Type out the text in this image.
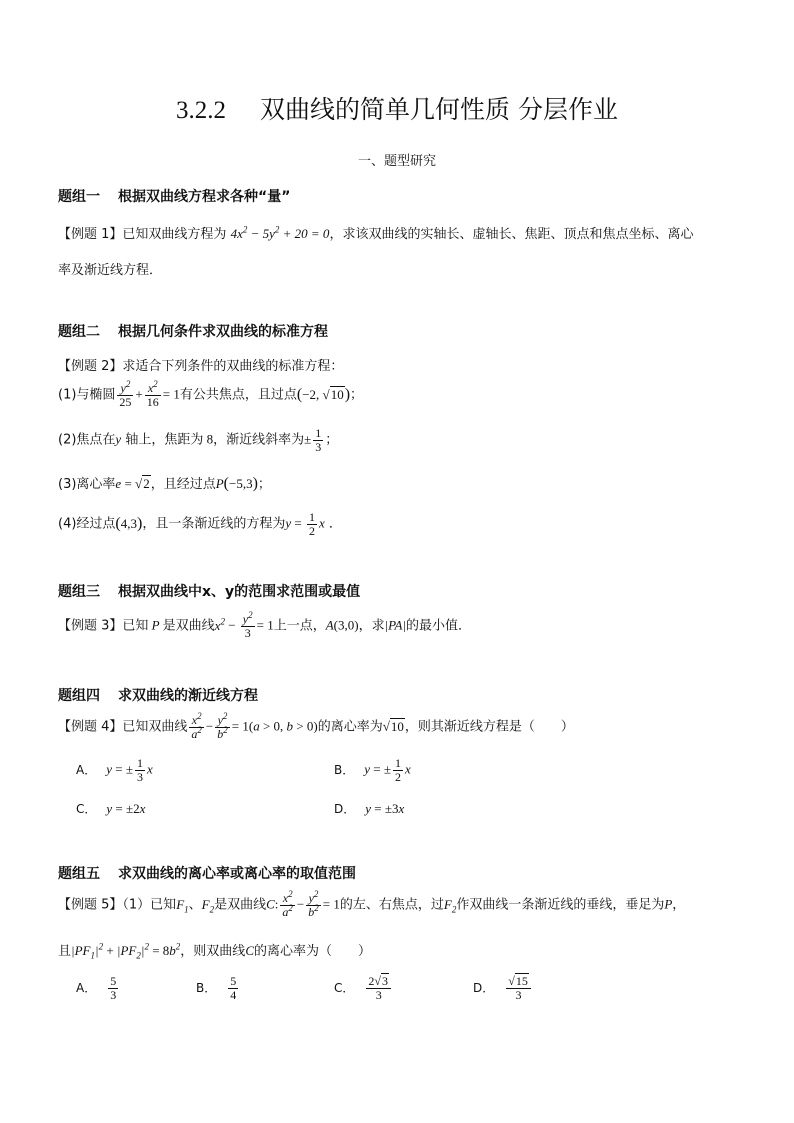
3.2.2 双曲线的简单几何性质 分层作业
一、题型研究
题组一 根据双曲线方程求各种“量”
【例题 1】已知双曲线方程为 $4x^2 - 5y^2 + 20 = 0$，求该双曲线的实轴长、虚轴长、焦距、顶点和焦点坐标、离心
率及渐近线方程．
题组二 根据几何条件求双曲线的标准方程
【例题 2】求适合下列条件的双曲线的标准方程：
(1)与椭圆 $\frac{y^2}{25} + \frac{x^2}{16} = 1$有公共焦点，且过点(−2, √10)；
(2)焦点在y 轴上，焦距为 8，渐近线斜率为± $\frac{1}{3}$ ；
(3)离心率e = √2，且经过点P(−5,3)；
(4)经过点(4,3)，且一条渐近线的方程为$y = \frac{1}{2}$ x ．
题组三 根据双曲线中x、y的范围求范围或最值
【例题 3】已知 P 是双曲线$x^2 - \frac{y^2}{3} = 1$上一点，A(3,0)，求|PA|的最小值．
题组四 求双曲线的渐近线方程
【例题 4】已知双曲线 $\frac{x^2}{a^2} - \frac{y^2}{b^2} = 1(a > 0$, b > 0)的离心率为√10，则其渐近线方程是（　　）
A． y = ± $\frac{1}{3}$ x	B． y = ± $\frac{1}{2}$ x
C． y = ±2x	D． y = ±3x
题组五 求双曲线的离心率或离心率的取值范围
【例题 5】（1）已知$F_1$、$F_2$是双曲线C: $\frac{x^2}{a^2} - \frac{y^2}{b^2} = 1$的左、右焦点，过$F_2$作双曲线一条渐近线的垂线，垂足为P，
且$|PF_1|^2 + |PF_2|^2 = 8b^2$，则双曲线C的离心率为（　　）
A． $\frac{5}{3}$	B． $\frac{5}{4}$	C． $\frac{2√3}{3}$	D． $\frac{√15}{3}$
